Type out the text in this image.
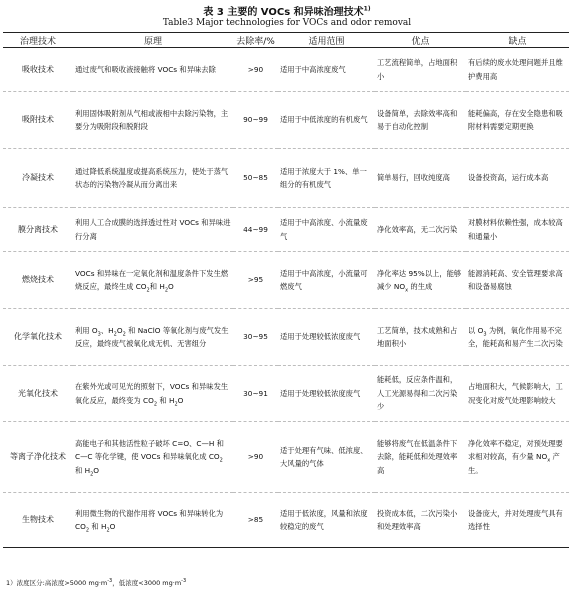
表 3 主要的 VOCs 和异味治理技术$^{1)}$
Table3 Major technologies for VOCs and odor removal
治理技术	原理	去除率/%	适用范围	优点	缺点
吸收技术	通过废气和吸收液接触将 VOCs 和异味去除	>90	适用于中高浓度废气	工艺流程简单，占地面积小	有后续的废水处理问题并且维护费用高
吸附技术	利用固体吸附剂从气相或液相中去除污染物，主要分为吸附段和脱附段	90~99	适用于中低浓度的有机废气	设备简单，去除效率高和易于自动化控制	能耗偏高，存在安全隐患和吸附材料需要定期更换
冷凝技术	通过降低系统温度或提高系统压力，使处于蒸气状态的污染物冷凝从而分离出来	50~85	适用于浓度大于 1%、单一组分的有机废气	简单易行，回收纯度高	设备投资高，运行成本高
膜分离技术	利用人工合成膜的选择透过性对 VOCs 和异味进行分离	44~99	适用于中高浓度、小流量废气	净化效率高，无二次污染	对膜材料依赖性强，成本较高和通量小
燃烧技术	VOCs 和异味在一定氧化剂和温度条件下发生燃烧反应，最终生成 $CO_2$和 $H_2O$	>95	适用于中高浓度，小流量可燃废气	净化率达 95%以上，能够减少 $NO_x$ 的生成	能源消耗高、安全管理要求高和设备易腐蚀
化学氧化技术	利用 $O_3$、$H_2O_2$ 和 NaClO 等氧化剂与废气发生反应，最终废气被氧化成无机、无害组分	30~95	适用于处理较低浓度废气	工艺简单，技术成熟和占地面积小	以 $O_3$ 为例，氧化作用易不完全，能耗高和易产生二次污染
光氧化技术	在紫外光或可见光的照射下，VOCs 和异味发生氧化反应，最终变为 $CO_2$ 和 $H_2O$	30~91	适用于处理较低浓度废气	能耗低，反应条件温和，人工光源易得和二次污染少	占地面积大，气候影响大，工况变化对废气处理影响较大
等离子净化技术	高能电子和其他活性粒子破坏 C=O、C—H 和 C—C 等化学键，使 VOCs 和异味氧化成 $CO_2$ 和 $H_2O$	>90	适于处理有气味、低浓度、大风量的气体	能够将废气在低温条件下去除，能耗低和处理效率高	净化效率不稳定，对预处理要求相对较高，有少量 $NO_x$ 产生。
生物技术	利用微生物的代谢作用将 VOCs 和异味转化为 $CO_2$ 和 $H_2O$	>85	适用于低浓度，风量和浓度较稳定的废气	投资成本低，二次污染小和处理效率高	设备庞大，并对处理废气具有选择性
1）浓度区分:高浓度>5000 $mg\cdot m^{-3}$，低浓度<3000 $mg\cdot m^{-3}$
